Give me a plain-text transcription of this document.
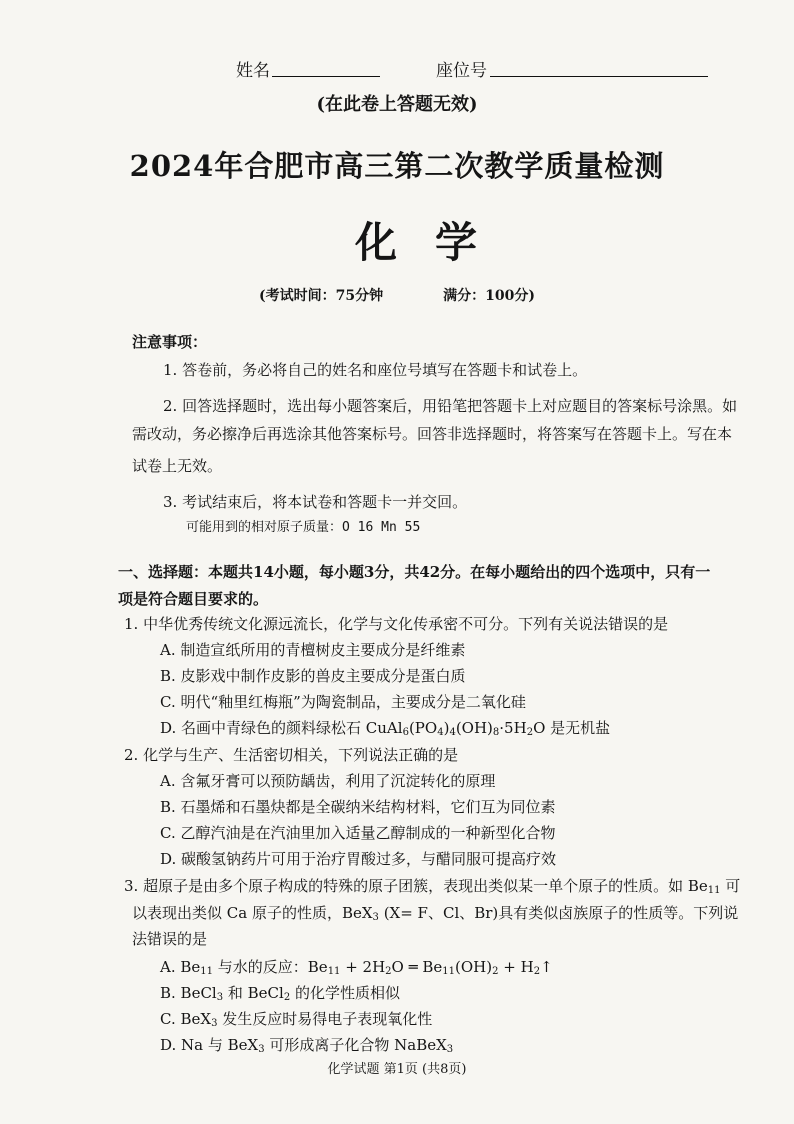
姓名	座位号
(在此卷上答题无效)
2024年合肥市高三第二次教学质量检测
化学
(考试时间：75分钟	满分：100分)
注意事项：
1. 答卷前，务必将自己的姓名和座位号填写在答题卡和试卷上。
2. 回答选择题时，选出每小题答案后，用铅笔把答题卡上对应题目的答案标号涂黑。如
需改动，务必擦净后再选涂其他答案标号。回答非选择题时，将答案写在答题卡上。写在本
试卷上无效。
3. 考试结束后，将本试卷和答题卡一并交回。
可能用到的相对原子质量：O 16 Mn 55
一、选择题：本题共14小题，每小题3分，共42分。在每小题给出的四个选项中，只有一
项是符合题目要求的。
1. 中华优秀传统文化源远流长，化学与文化传承密不可分。下列有关说法错误的是
A. 制造宣纸所用的青檀树皮主要成分是纤维素
B. 皮影戏中制作皮影的兽皮主要成分是蛋白质
C. 明代“釉里红梅瓶”为陶瓷制品，主要成分是二氧化硅
D. 名画中青绿色的颜料绿松石 $CuAl_6(PO_4)_4(OH)_8\cdot 5H_2O$ 是无机盐
2. 化学与生产、生活密切相关，下列说法正确的是
A. 含氟牙膏可以预防龋齿，利用了沉淀转化的原理
B. 石墨烯和石墨炔都是全碳纳米结构材料，它们互为同位素
C. 乙醇汽油是在汽油里加入适量乙醇制成的一种新型化合物
D. 碳酸氢钠药片可用于治疗胃酸过多，与醋同服可提高疗效
3. 超原子是由多个原子构成的特殊的原子团簇，表现出类似某一单个原子的性质。如 $Be_{11}$ 可
以表现出类似 Ca 原子的性质，BeX$_3$ (X= F、Cl、Br)具有类似卤族原子的性质等。下列说
法错误的是
A. $Be_{11}$ 与水的反应：$Be_{11} + 2H_2O$ ═ $Be_{11}(OH)_2$ + $H_2↑$
B. BeCl$_3$ 和 BeCl$_2$ 的化学性质相似
C. BeX$_3$ 发生反应时易得电子表现氧化性
D. Na 与 BeX$_3$ 可形成离子化合物 NaBeX$_3$
化学试题 第1页 (共8页)
